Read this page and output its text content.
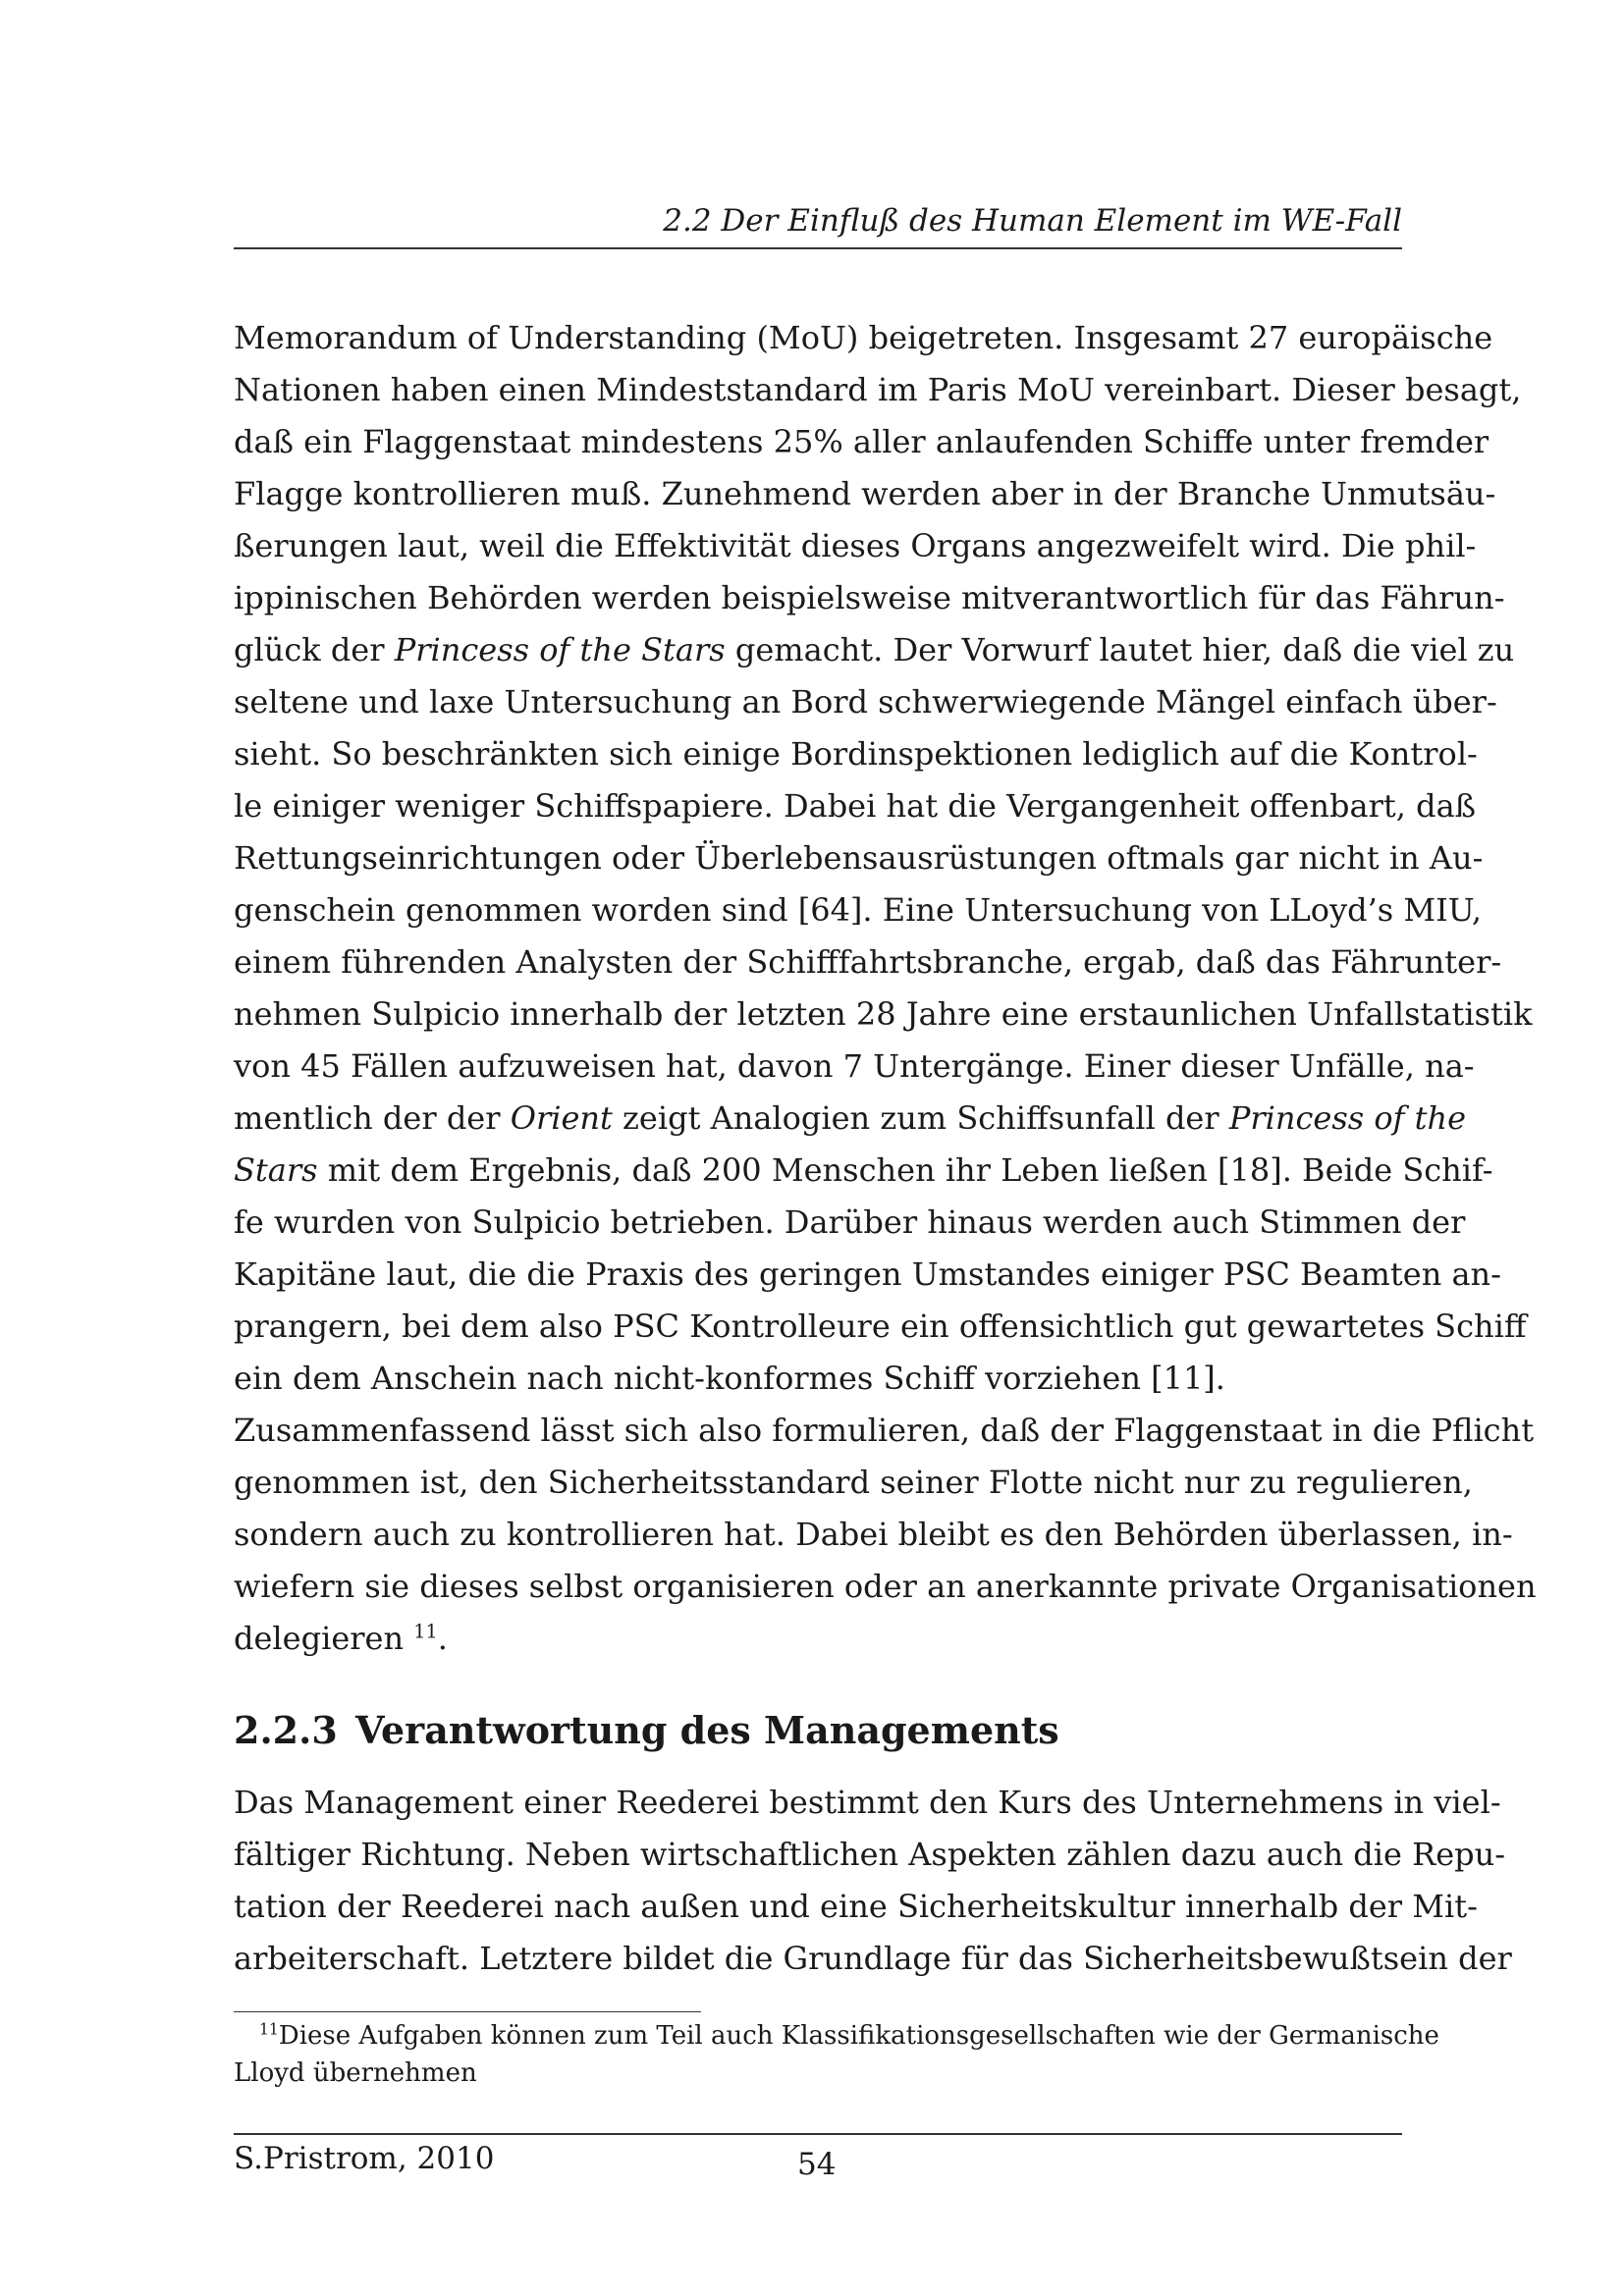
2.2 Der Einfluß des Human Element im WE-Fall
Memorandum of Understanding (MoU) beigetreten. Insgesamt 27 europäische
Nationen haben einen Mindeststandard im Paris MoU vereinbart. Dieser besagt,
daß ein Flaggenstaat mindestens 25% aller anlaufenden Schiffe unter fremder
Flagge kontrollieren muß. Zunehmend werden aber in der Branche Unmutsäu-
ßerungen laut, weil die Effektivität dieses Organs angezweifelt wird. Die phil-
ippinischen Behörden werden beispielsweise mitverantwortlich für das Fährun-
glück der Princess of the Stars gemacht. Der Vorwurf lautet hier, daß die viel zu
seltene und laxe Untersuchung an Bord schwerwiegende Mängel einfach über-
sieht. So beschränkten sich einige Bordinspektionen lediglich auf die Kontrol-
le einiger weniger Schiffspapiere. Dabei hat die Vergangenheit offenbart, daß
Rettungseinrichtungen oder Überlebensausrüstungen oftmals gar nicht in Au-
genschein genommen worden sind [64]. Eine Untersuchung von LLoyd’s MIU,
einem führenden Analysten der Schifffahrtsbranche, ergab, daß das Fährunter-
nehmen Sulpicio innerhalb der letzten 28 Jahre eine erstaunlichen Unfallstatistik
von 45 Fällen aufzuweisen hat, davon 7 Untergänge. Einer dieser Unfälle, na-
mentlich der der Orient zeigt Analogien zum Schiffsunfall der Princess of the
Stars mit dem Ergebnis, daß 200 Menschen ihr Leben ließen [18]. Beide Schif-
fe wurden von Sulpicio betrieben. Darüber hinaus werden auch Stimmen der
Kapitäne laut, die die Praxis des geringen Umstandes einiger PSC Beamten an-
prangern, bei dem also PSC Kontrolleure ein offensichtlich gut gewartetes Schiff
ein dem Anschein nach nicht-konformes Schiff vorziehen [11].
Zusammenfassend lässt sich also formulieren, daß der Flaggenstaat in die Pflicht
genommen ist, den Sicherheitsstandard seiner Flotte nicht nur zu regulieren,
sondern auch zu kontrollieren hat. Dabei bleibt es den Behörden überlassen, in-
wiefern sie dieses selbst organisieren oder an anerkannte private Organisationen
delegieren $^{11}$.
2.2.3 Verantwortung des Managements
Das Management einer Reederei bestimmt den Kurs des Unternehmens in viel-
fältiger Richtung. Neben wirtschaftlichen Aspekten zählen dazu auch die Repu-
tation der Reederei nach außen und eine Sicherheitskultur innerhalb der Mit-
arbeiterschaft. Letztere bildet die Grundlage für das Sicherheitsbewußtsein der
$^{11}$Diese Aufgaben können zum Teil auch Klassifikationsgesellschaften wie der Germanische
Lloyd übernehmen
S.Pristrom, 2010	54
